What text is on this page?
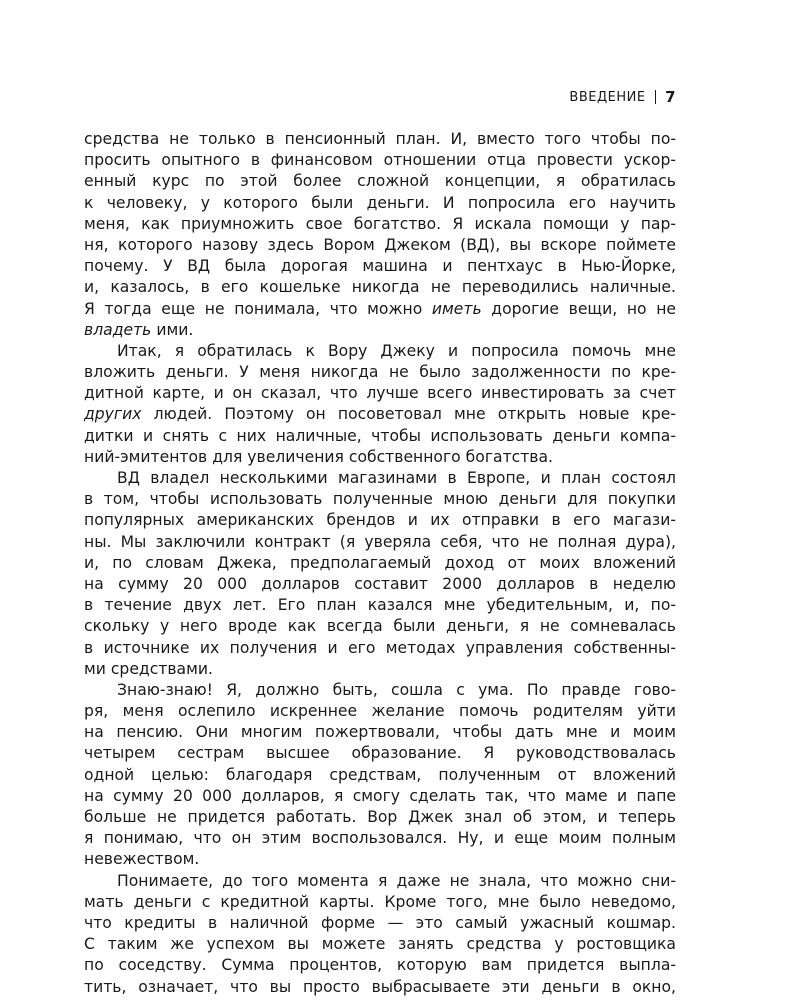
ВВЕДЕНИЕ 7
средства не только в пенсионный план. И, вместо того чтобы по-
просить опытного в финансовом отношении отца провести ускор-
енный курс по этой более сложной концепции, я обратилась
к человеку, у которого были деньги. И попросила его научить
меня, как приумножить свое богатство. Я искала помощи у пар-
ня, которого назову здесь Вором Джеком (ВД), вы вскоре поймете
почему. У ВД была дорогая машина и пентхаус в Нью-Йорке,
и, казалось, в его кошельке никогда не переводились наличные.
Я тогда еще не понимала, что можно иметь дорогие вещи, но не
владеть ими.
Итак, я обратилась к Вору Джеку и попросила помочь мне
вложить деньги. У меня никогда не было задолженности по кре-
дитной карте, и он сказал, что лучше всего инвестировать за счет
других людей. Поэтому он посоветовал мне открыть новые кре-
дитки и снять с них наличные, чтобы использовать деньги компа-
ний-эмитентов для увеличения собственного богатства.
ВД владел несколькими магазинами в Европе, и план состоял
в том, чтобы использовать полученные мною деньги для покупки
популярных американских брендов и их отправки в его магази-
ны. Мы заключили контракт (я уверяла себя, что не полная дура),
и, по словам Джека, предполагаемый доход от моих вложений
на сумму 20 000 долларов составит 2000 долларов в неделю
в течение двух лет. Его план казался мне убедительным, и, по-
скольку у него вроде как всегда были деньги, я не сомневалась
в источнике их получения и его методах управления собственны-
ми средствами.
Знаю-знаю! Я, должно быть, сошла с ума. По правде гово-
ря, меня ослепило искреннее желание помочь родителям уйти
на пенсию. Они многим пожертвовали, чтобы дать мне и моим
четырем сестрам высшее образование. Я руководствовалась
одной целью: благодаря средствам, полученным от вложений
на сумму 20 000 долларов, я смогу сделать так, что маме и папе
больше не придется работать. Вор Джек знал об этом, и теперь
я понимаю, что он этим воспользовался. Ну, и еще моим полным
невежеством.
Понимаете, до того момента я даже не знала, что можно сни-
мать деньги с кредитной карты. Кроме того, мне было неведомо,
что кредиты в наличной форме — это самый ужасный кошмар.
С таким же успехом вы можете занять средства у ростовщика
по соседству. Сумма процентов, которую вам придется выпла-
тить, означает, что вы просто выбрасываете эти деньги в окно,
